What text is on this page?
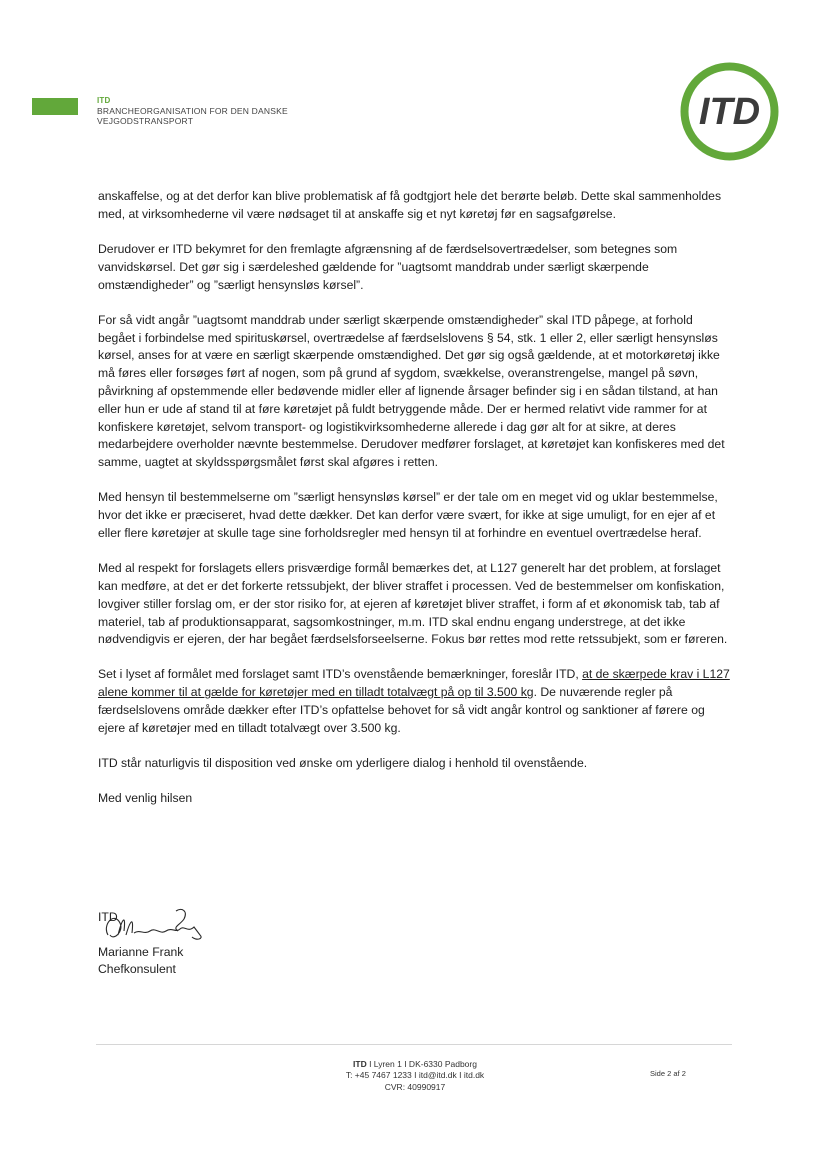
ITD
BRANCHEORGANISATION FOR DEN DANSKE
VEJGODSTRANSPORT	ITD

anskaffelse, og at det derfor kan blive problematisk af få godtgjort hele det berørte beløb. Dette skal sammenholdes med, at virksomhederne vil være nødsaget til at anskaffe sig et nyt køretøj før en sagsafgørelse.

Derudover er ITD bekymret for den fremlagte afgrænsning af de færdselsovertrædelser, som betegnes som vanvidskørsel. Det gør sig i særdeleshed gældende for ”uagtsomt manddrab under særligt skærpende omstændigheder” og ”særligt hensynsløs kørsel”.

For så vidt angår ”uagtsomt manddrab under særligt skærpende omstændigheder” skal ITD påpege, at forhold begået i forbindelse med spirituskørsel, overtrædelse af færdselslovens § 54, stk. 1 eller 2, eller særligt hensynsløs kørsel, anses for at være en særligt skærpende omstændighed. Det gør sig også gældende, at et motorkøretøj ikke må føres eller forsøges ført af nogen, som på grund af sygdom, svækkelse, overanstrengelse, mangel på søvn, påvirkning af opstemmende eller bedøvende midler eller af lignende årsager befinder sig i en sådan tilstand, at han eller hun er ude af stand til at føre køretøjet på fuldt betryggende måde. Der er hermed relativt vide rammer for at konfiskere køretøjet, selvom transport- og logistikvirksomhederne allerede i dag gør alt for at sikre, at deres medarbejdere overholder nævnte bestemmelse. Derudover medfører forslaget, at køretøjet kan konfiskeres med det samme, uagtet at skyldsspørgsmålet først skal afgøres i retten.

Med hensyn til bestemmelserne om ”særligt hensynsløs kørsel” er der tale om en meget vid og uklar bestemmelse, hvor det ikke er præciseret, hvad dette dækker. Det kan derfor være svært, for ikke at sige umuligt, for en ejer af et eller flere køretøjer at skulle tage sine forholdsregler med hensyn til at forhindre en eventuel overtrædelse heraf.

Med al respekt for forslagets ellers prisværdige formål bemærkes det, at L127 generelt har det problem, at forslaget kan medføre, at det er det forkerte retssubjekt, der bliver straffet i processen. Ved de bestemmelser om konfiskation, lovgiver stiller forslag om, er der stor risiko for, at ejeren af køretøjet bliver straffet, i form af et økonomisk tab, tab af materiel, tab af produktionsapparat, sagsomkostninger, m.m. ITD skal endnu engang understrege, at det ikke nødvendigvis er ejeren, der har begået færdselsforseelserne. Fokus bør rettes mod rette retssubjekt, som er føreren.

Set i lyset af formålet med forslaget samt ITD’s ovenstående bemærkninger, foreslår ITD, at de skærpede krav i L127 alene kommer til at gælde for køretøjer med en tilladt totalvægt på op til 3.500 kg. De nuværende regler på færdselslovens område dækker efter ITD’s opfattelse behovet for så vidt angår kontrol og sanktioner af førere og ejere af køretøjer med en tilladt totalvægt over 3.500 kg.

ITD står naturligvis til disposition ved ønske om yderligere dialog i henhold til ovenstående.

Med venlig hilsen

ITD
Marianne Frank
Chefkonsulent
ITD I Lyren 1 I DK-6330 Padborg
T: +45 7467 1233 I itd@itd.dk I itd.dk
CVR: 40990917
Side 2 af 2
